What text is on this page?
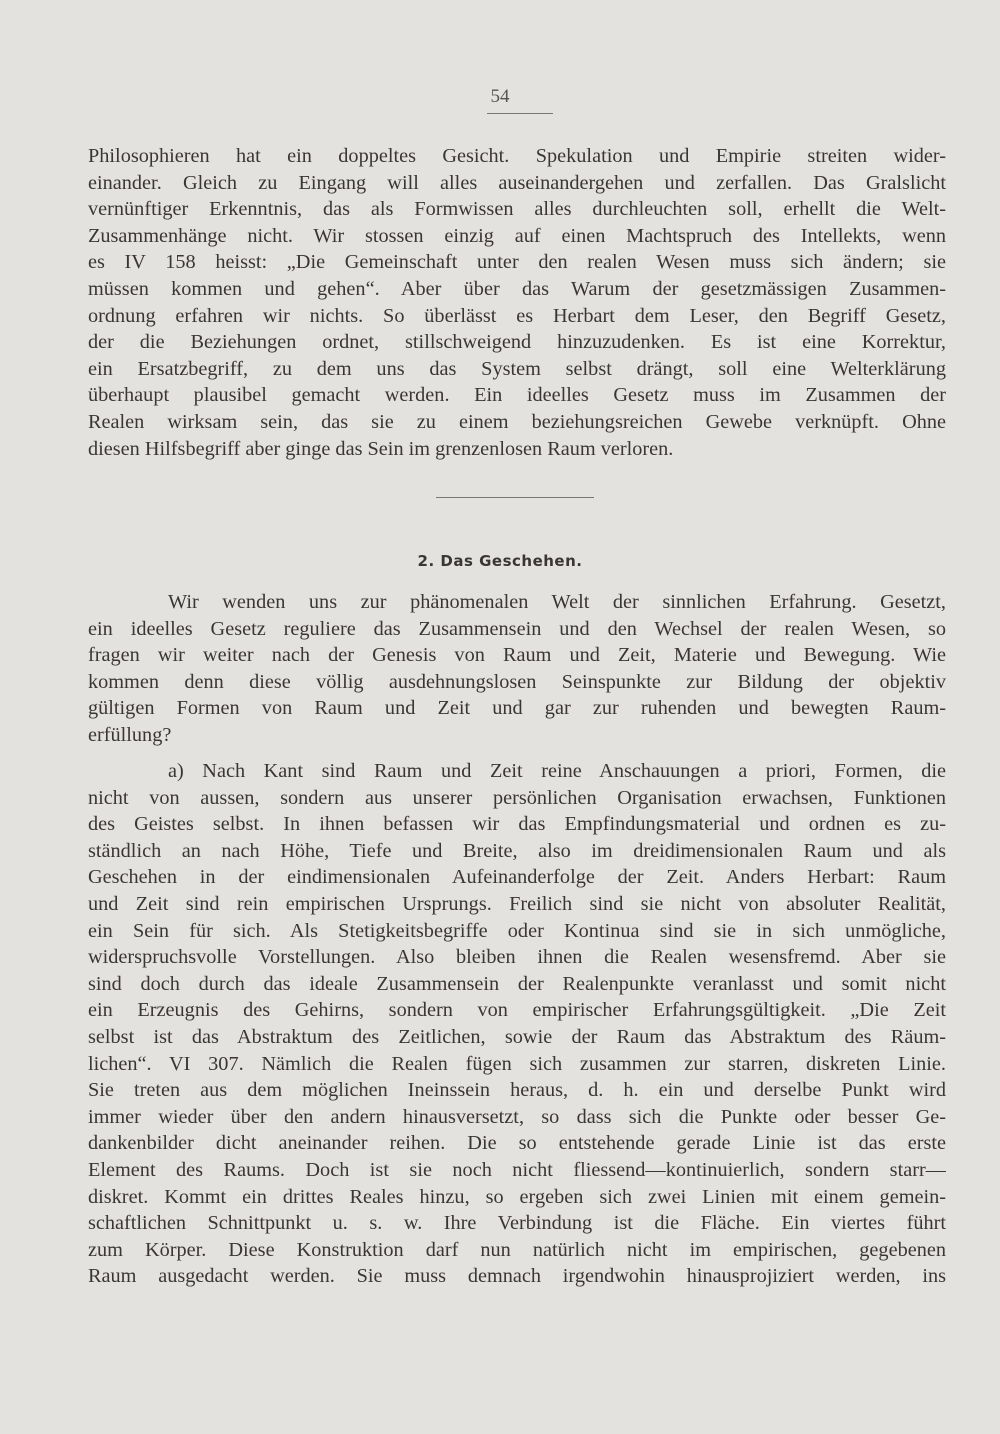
54
Philosophieren hat ein doppeltes Gesicht. Spekulation und Empirie streiten wider-
einander. Gleich zu Eingang will alles auseinandergehen und zerfallen. Das Gralslicht
vernünftiger Erkenntnis, das als Formwissen alles durchleuchten soll, erhellt die Welt-
Zusammenhänge nicht. Wir stossen einzig auf einen Machtspruch des Intellekts, wenn
es IV 158 heisst: „Die Gemeinschaft unter den realen Wesen muss sich ändern; sie
müssen kommen und gehen“. Aber über das Warum der gesetzmässigen Zusammen-
ordnung erfahren wir nichts. So überlässt es Herbart dem Leser, den Begriff Gesetz,
der die Beziehungen ordnet, stillschweigend hinzuzudenken. Es ist eine Korrektur,
ein Ersatzbegriff, zu dem uns das System selbst drängt, soll eine Welterklärung
überhaupt plausibel gemacht werden. Ein ideelles Gesetz muss im Zusammen der
Realen wirksam sein, das sie zu einem beziehungsreichen Gewebe verknüpft. Ohne
diesen Hilfsbegriff aber ginge das Sein im grenzenlosen Raum verloren.
2. Das Geschehen.
Wir wenden uns zur phänomenalen Welt der sinnlichen Erfahrung. Gesetzt,
ein ideelles Gesetz reguliere das Zusammensein und den Wechsel der realen Wesen, so
fragen wir weiter nach der Genesis von Raum und Zeit, Materie und Bewegung. Wie
kommen denn diese völlig ausdehnungslosen Seinspunkte zur Bildung der objektiv
gültigen Formen von Raum und Zeit und gar zur ruhenden und bewegten Raum-
erfüllung?
a) Nach Kant sind Raum und Zeit reine Anschauungen a priori, Formen, die
nicht von aussen, sondern aus unserer persönlichen Organisation erwachsen, Funktionen
des Geistes selbst. In ihnen befassen wir das Empfindungsmaterial und ordnen es zu-
ständlich an nach Höhe, Tiefe und Breite, also im dreidimensionalen Raum und als
Geschehen in der eindimensionalen Aufeinanderfolge der Zeit. Anders Herbart: Raum
und Zeit sind rein empirischen Ursprungs. Freilich sind sie nicht von absoluter Realität,
ein Sein für sich. Als Stetigkeitsbegriffe oder Kontinua sind sie in sich unmögliche,
widerspruchsvolle Vorstellungen. Also bleiben ihnen die Realen wesensfremd. Aber sie
sind doch durch das ideale Zusammensein der Realenpunkte veranlasst und somit nicht
ein Erzeugnis des Gehirns, sondern von empirischer Erfahrungsgültigkeit. „Die Zeit
selbst ist das Abstraktum des Zeitlichen, sowie der Raum das Abstraktum des Räum-
lichen“. VI 307. Nämlich die Realen fügen sich zusammen zur starren, diskreten Linie.
Sie treten aus dem möglichen Ineinssein heraus, d. h. ein und derselbe Punkt wird
immer wieder über den andern hinausversetzt, so dass sich die Punkte oder besser Ge-
dankenbilder dicht aneinander reihen. Die so entstehende gerade Linie ist das erste
Element des Raums. Doch ist sie noch nicht fliessend—kontinuierlich, sondern starr—
diskret. Kommt ein drittes Reales hinzu, so ergeben sich zwei Linien mit einem gemein-
schaftlichen Schnittpunkt u. s. w. Ihre Verbindung ist die Fläche. Ein viertes führt
zum Körper. Diese Konstruktion darf nun natürlich nicht im empirischen, gegebenen
Raum ausgedacht werden. Sie muss demnach irgendwohin hinausprojiziert werden, ins
